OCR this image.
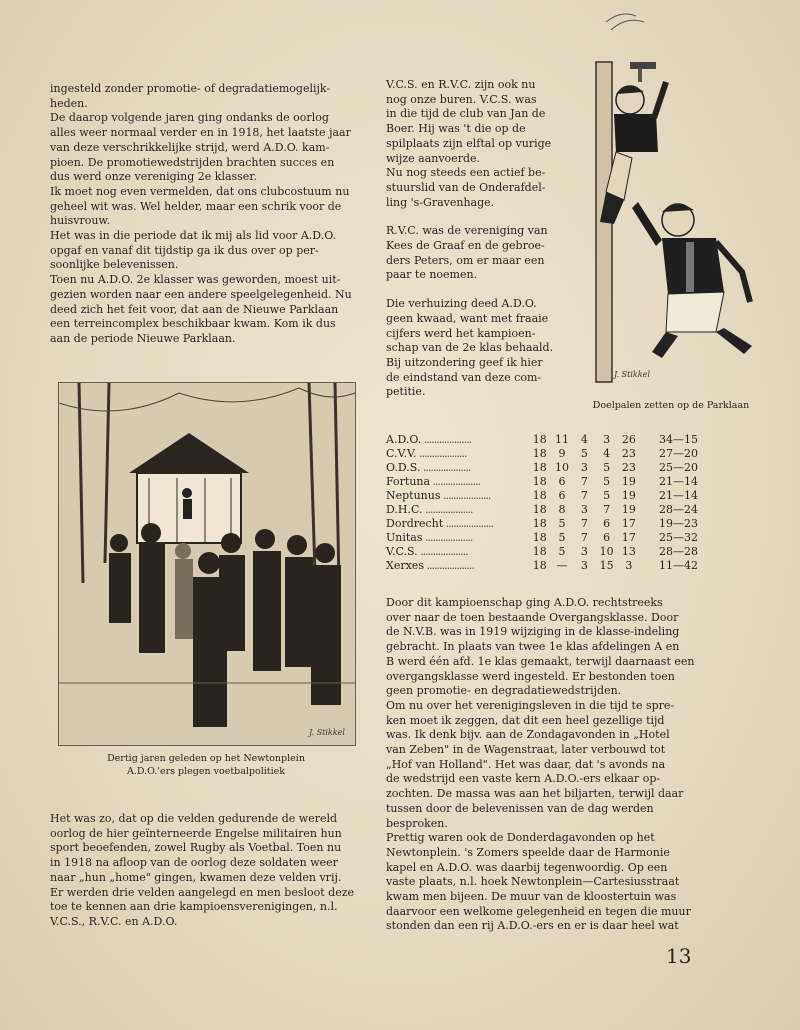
ingesteld zonder promotie- of degradatiemogelijk-

heden.

De daarop volgende jaren ging ondanks de oorlog

alles weer normaal verder en in 1918, het laatste jaar

van deze verschrikkelijke strijd, werd A.D.O. kam-

pioen. De promotiewedstrijden brachten succes en

dus werd onze vereniging 2e klasser.

Ik moet nog even vermelden, dat ons clubcostuum nu

geheel wit was. Wel helder, maar een schrik voor de

huisvrouw.

Het was in die periode dat ik mij als lid voor A.D.O.

opgaf en vanaf dit tijdstip ga ik dus over op per-

soonlijke belevenissen.

Toen nu A.D.O. 2e klasser was geworden, moest uit-

gezien worden naar een andere speelgelegenheid. Nu

deed zich het feit voor, dat aan de Nieuwe Parklaan

een terreincomplex beschikbaar kwam. Kom ik dus

aan de periode Nieuwe Parklaan.

V.C.S. en R.V.C. zijn ook nu

nog onze buren. V.C.S. was

in die tijd de club van Jan de

Boer. Hij was 't die op de

spilplaats zijn elftal op vurige

wijze aanvoerde.

Nu nog steeds een actief be-

stuurslid van de Onderafdel-

ling 's-Gravenhage.

R.V.C. was de vereniging van

Kees de Graaf en de gebroe-

ders Peters, om er maar een

paar te noemen.

Die verhuizing deed A.D.O.

geen kwaad, want met fraaie

cijfers werd het kampioen-

schap van de 2e klas behaald.

Bij uitzondering geef ik hier

de eindstand van deze com-

petitie.

J. Stikkel
Doelpalen zetten op de Parklaan
J. Stikkel
Dertig jaren geleden op het Newtonplein
A.D.O.'ers plegen voetbalpolitiek
A.D.O. ...................	18	11	4	3	26	34—15
C.V.V. ...................	18	9	5	4	23	27—20
O.D.S. ...................	18	10	3	5	23	25—20
Fortuna ...................	18	6	7	5	19	21—14
Neptunus ...................	18	6	7	5	19	21—14
D.H.C. ...................	18	8	3	7	19	28—24
Dordrecht ...................	18	5	7	6	17	19—23
Unitas ...................	18	5	7	6	17	25—32
V.C.S. ...................	18	5	3	10	13	28—28
Xerxes ...................	18	—	3	15	3	11—42

Door dit kampioenschap ging A.D.O. rechtstreeks

over naar de toen bestaande Overgangsklasse. Door

de N.V.B. was in 1919 wijziging in de klasse-indeling

gebracht. In plaats van twee 1e klas afdelingen A en

B werd één afd. 1e klas gemaakt, terwijl daarnaast een

overgangsklasse werd ingesteld. Er bestonden toen

geen promotie- en degradatiewedstrijden.

Om nu over het verenigingsleven in die tijd te spre-

ken moet ik zeggen, dat dit een heel gezellige tijd

was. Ik denk bijv. aan de Zondagavonden in „Hotel

van Zeben" in de Wagenstraat, later verbouwd tot

„Hof van Holland". Het was daar, dat 's avonds na

de wedstrijd een vaste kern A.D.O.-ers elkaar op-

zochten. De massa was aan het biljarten, terwijl daar

tussen door de belevenissen van de dag werden

besproken.

Prettig waren ook de Donderdagavonden op het

Newtonplein. 's Zomers speelde daar de Harmonie

kapel en A.D.O. was daarbij tegenwoordig. Op een

vaste plaats, n.l. hoek Newtonplein—Cartesiusstraat

kwam men bijeen. De muur van de kloostertuin was

daarvoor een welkome gelegenheid en tegen die muur

stonden dan een rij A.D.O.-ers en er is daar heel wat

Het was zo, dat op die velden gedurende de wereld

oorlog de hier geïnterneerde Engelse militairen hun

sport beoefenden, zowel Rugby als Voetbal. Toen nu

in 1918 na afloop van de oorlog deze soldaten weer

naar „hun „home" gingen, kwamen deze velden vrij.

Er werden drie velden aangelegd en men besloot deze

toe te kennen aan drie kampioensverenigingen, n.l.

V.C.S., R.V.C. en A.D.O.

13
